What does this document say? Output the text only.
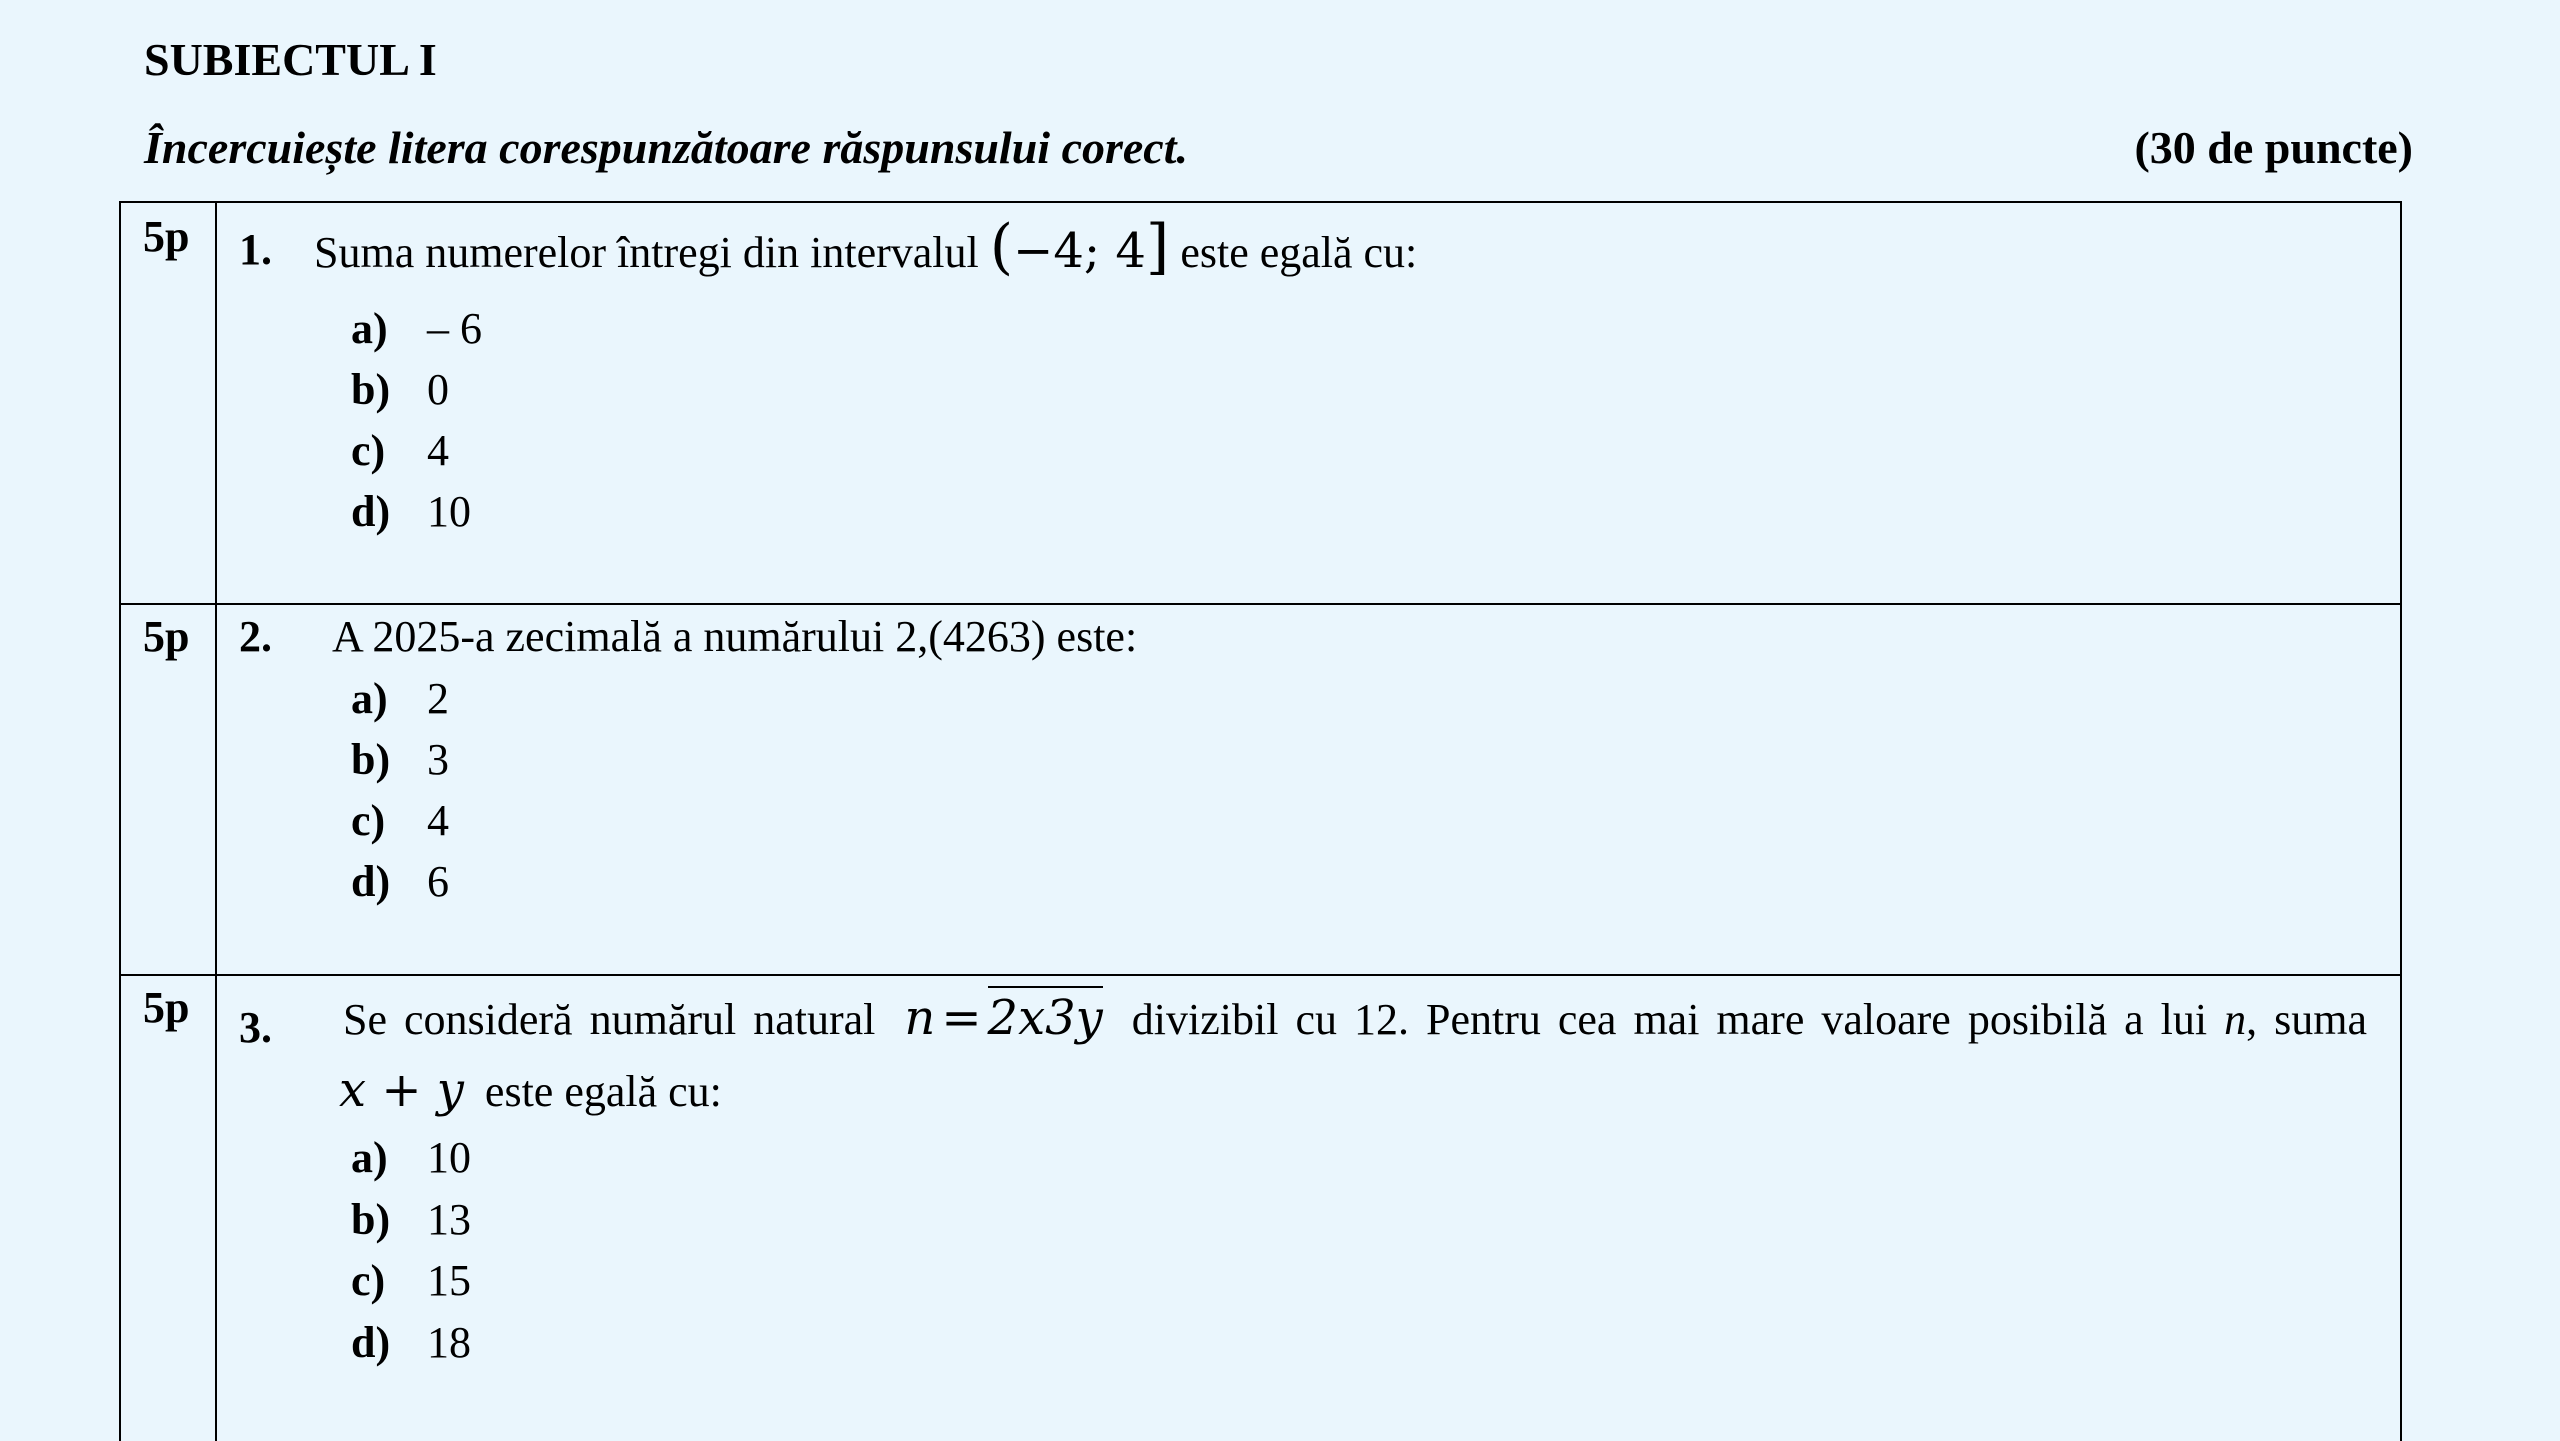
SUBIECTUL I
Încercuiește litera corespunzătoare răspunsului corect.	(30 de puncte)
5p 1. Suma numerelor întregi din intervalul (−4; 4] este egală cu:
a) – 6
b) 0
c) 4
d) 10
5p 2. A 2025-a zecimală a numărului 2,(4263) este:
a) 2
b) 3
c) 4
d) 6
5p 3. Se consideră numărul natural n = 2x3y divizibil cu 12. Pentru cea mai mare valoare posibilă a lui n, suma
x + y este egală cu:
a) 10
b) 13
c) 15
d) 18
